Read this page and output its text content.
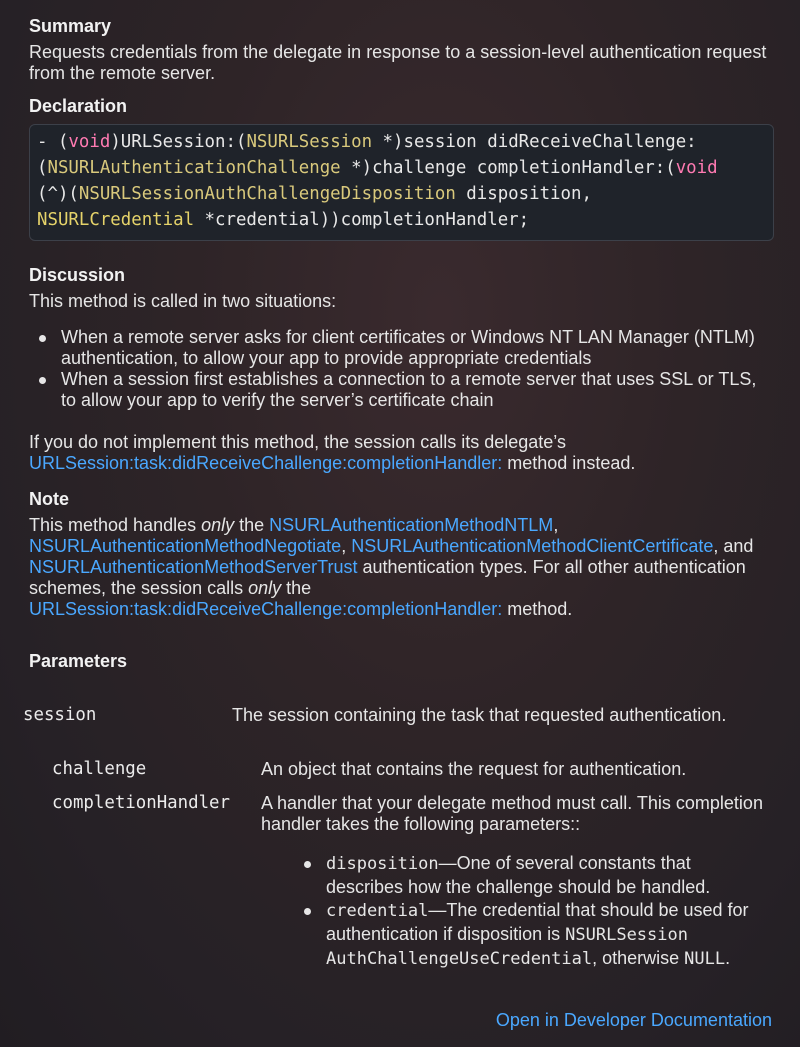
Summary
Requests credentials from the delegate in response to a session-level authentication request from the remote server.
Declaration
- (void)URLSession:(NSURLSession *)session didReceiveChallenge:
(NSURLAuthenticationChallenge *)challenge completionHandler:(void
(^)(NSURLSessionAuthChallengeDisposition disposition,
NSURLCredential *credential))completionHandler;
Discussion
This method is called in two situations:
When a remote server asks for client certificates or Windows NT LAN Manager (NTLM) authentication, to allow your app to provide appropriate credentials
When a session first establishes a connection to a remote server that uses SSL or TLS, to allow your app to verify the server’s certificate chain
If you do not implement this method, the session calls its delegate’s URLSession:task:didReceiveChallenge:completionHandler: method instead.
Note
This method handles only the NSURLAuthenticationMethodNTLM, NSURLAuthenticationMethodNegotiate, NSURLAuthenticationMethodClientCertificate, and NSURLAuthenticationMethodServerTrust authentication types. For all other authentication schemes, the session calls only the URLSession:task:didReceiveChallenge:completionHandler: method.
Parameters
session	The session containing the task that requested authentication.
challenge	An object that contains the request for authentication.
completionHandler A handler that your delegate method must call. This completion handler takes the following parameters::
disposition—One of several constants that describes how the challenge should be handled.
credential—The credential that should be used for authentication if disposition is NSURLSession
AuthChallengeUseCredential, otherwise NULL.
Open in Developer Documentation
